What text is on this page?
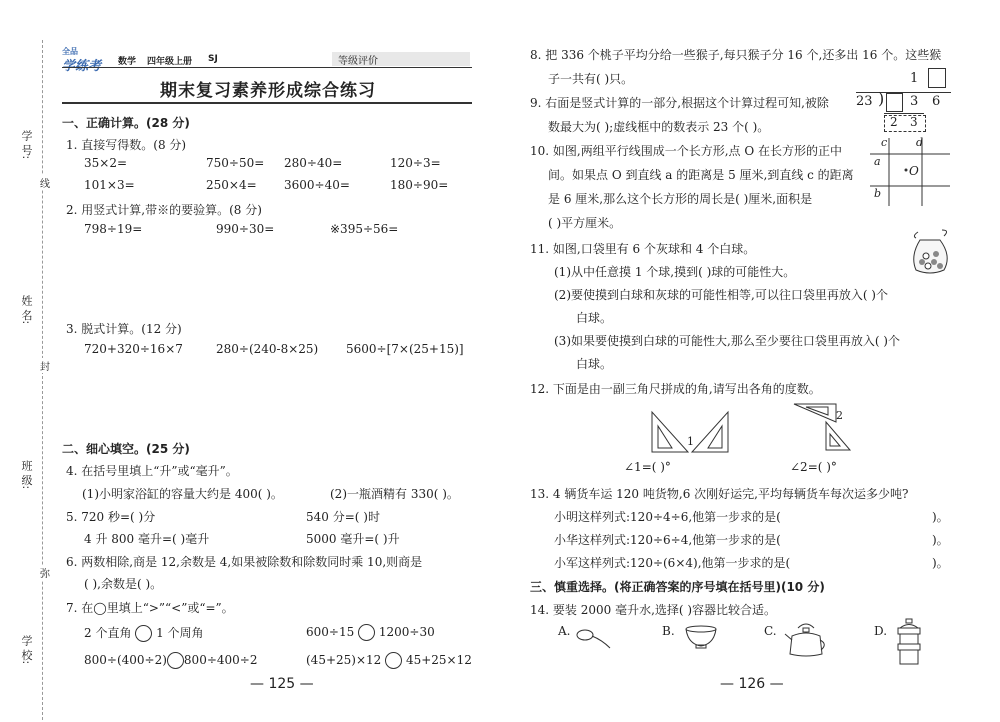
学 号:
线
姓 名:
封
班 级:
弥
学 校:
全品
学练考 数学 四年级上册 SJ	等级评价
期末复习素养形成综合练习
一、正确计算。(28 分)
1. 直接写得数。(8 分)
35×2=	750÷50= 280÷40=	120÷3=
101×3=	250×4= 3600÷40=	180÷90=
2. 用竖式计算,带※的要验算。(8 分)
798÷19=	990÷30=	※395÷56=
3. 脱式计算。(12 分)
720+320÷16×7	280÷(240-8×25) 5600÷[7×(25+15)]
二、细心填空。(25 分)
4. 在括号里填上“升”或“毫升”。
(1)小明家浴缸的容量大约是 400( )。	(2)一瓶酒精有 330( )。
5. 720 秒=( )分	540 分=( )时
4 升 800 毫升=( )毫升	5000 毫升=( )升
6. 两数相除,商是 12,余数是 4,如果被除数和除数同时乘 10,则商是
( ),余数是( )。
7. 在◯里填上“>”“<”或“=”。
2 个直角 1 个周角	600÷15 1200÷30
800÷(400÷2) 800÷400÷2	(45+25)×12 45+25×12
— 125 —
8. 把 336 个桃子平均分给一些猴子,每只猴子分 16 个,还多出 16 个。这些猴
子一共有( )只。
9. 右面是竖式计算的一部分,根据这个计算过程可知,被除
数最大为( );虚线框中的数表示 23 个( )。
1
23 ) 3 6
2 3
10. 如图,两组平行线围成一个长方形,点 O 在长方形的正中
间。如果点 O 到直线 a 的距离是 5 厘米,到直线 c 的距离
是 6 厘米,那么这个长方形的周长是( )厘米,面积是
( )平方厘米。
c	d
a
b
O
11. 如图,口袋里有 6 个灰球和 4 个白球。
(1)从中任意摸 1 个球,摸到( )球的可能性大。
(2)要使摸到白球和灰球的可能性相等,可以往口袋里再放入( )个
白球。
(3)如果要使摸到白球的可能性大,那么至少要往口袋里再放入( )个
白球。
12. 下面是由一副三角尺拼成的角,请写出各角的度数。
1
2
∠1=( )°	∠2=( )°
13. 4 辆货车运 120 吨货物,6 次刚好运完,平均每辆货车每次运多少吨?
小明这样列式:120÷4÷6,他第一步求的是(	)。
小华这样列式:120÷6÷4,他第一步求的是(	)。
小军这样列式:120÷(6×4),他第一步求的是(	)。
三、慎重选择。(将正确答案的序号填在括号里)(10 分)
14. 要装 2000 毫升水,选择( )容器比较合适。
A.	B.	C.	D.
— 126 —
